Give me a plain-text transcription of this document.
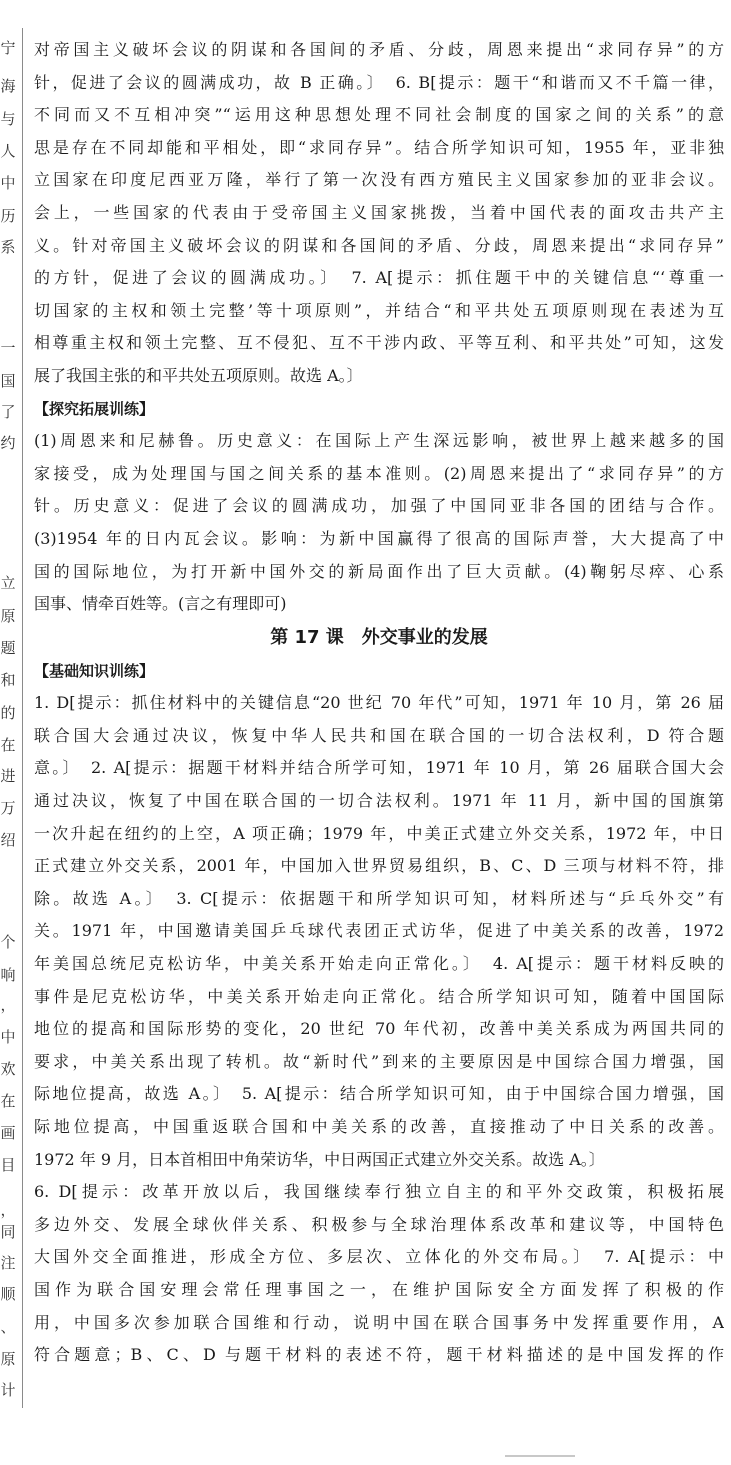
宁
海
与
人
中
历
系
一
国
了
约
立
原
题
和
的
在
进
万
绍
个
响
，
中
欢
在
画
目
，
同
注
顺
、
原
计
对帝国主义破坏会议的阴谋和各国间的矛盾、分歧，周恩来提出“求同存异”的方
针，促进了会议的圆满成功，故 B 正确。〕　6. B[提示：题干“和谐而又不千篇一律，
不同而又不互相冲突”“运用这种思想处理不同社会制度的国家之间的关系”的意
思是存在不同却能和平相处，即“求同存异”。结合所学知识可知，1955 年，亚非独
立国家在印度尼西亚万隆，举行了第一次没有西方殖民主义国家参加的亚非会议。
会上，一些国家的代表由于受帝国主义国家挑拨，当着中国代表的面攻击共产主
义。针对帝国主义破坏会议的阴谋和各国间的矛盾、分歧，周恩来提出“求同存异”
的方针，促进了会议的圆满成功。〕　7. A[提示：抓住题干中的关键信息“‘尊重一
切国家的主权和领土完整’等十项原则”，并结合“和平共处五项原则现在表述为互
相尊重主权和领土完整、互不侵犯、互不干涉内政、平等互利、和平共处”可知，这发
展了我国主张的和平共处五项原则。故选 A。〕
【探究拓展训练】
(1)周恩来和尼赫鲁。历史意义：在国际上产生深远影响，被世界上越来越多的国
家接受，成为处理国与国之间关系的基本准则。(2)周恩来提出了“求同存异”的方
针。历史意义：促进了会议的圆满成功，加强了中国同亚非各国的团结与合作。
(3)1954 年的日内瓦会议。影响：为新中国赢得了很高的国际声誉，大大提高了中
国的国际地位，为打开新中国外交的新局面作出了巨大贡献。(4)鞠躬尽瘁、心系
国事、情牵百姓等。(言之有理即可)
第 17 课　外交事业的发展
【基础知识训练】
1. D[提示：抓住材料中的关键信息“20 世纪 70 年代”可知，1971 年 10 月，第 26 届
联合国大会通过决议，恢复中华人民共和国在联合国的一切合法权利，D 符合题
意。〕　2. A[提示：据题干材料并结合所学可知，1971 年 10 月，第 26 届联合国大会
通过决议，恢复了中国在联合国的一切合法权利。1971 年 11 月，新中国的国旗第
一次升起在纽约的上空，A 项正确；1979 年，中美正式建立外交关系，1972 年，中日
正式建立外交关系，2001 年，中国加入世界贸易组织，B、C、D 三项与材料不符，排
除。故选 A。〕　3. C[提示：依据题干和所学知识可知，材料所述与“乒乓外交”有
关。1971 年，中国邀请美国乒乓球代表团正式访华，促进了中美关系的改善，1972
年美国总统尼克松访华，中美关系开始走向正常化。〕　4. A[提示：题干材料反映的
事件是尼克松访华，中美关系开始走向正常化。结合所学知识可知，随着中国国际
地位的提高和国际形势的变化，20 世纪 70 年代初，改善中美关系成为两国共同的
要求，中美关系出现了转机。故“新时代”到来的主要原因是中国综合国力增强，国
际地位提高，故选 A。〕　5. A[提示：结合所学知识可知，由于中国综合国力增强，国
际地位提高，中国重返联合国和中美关系的改善，直接推动了中日关系的改善。
1972 年 9 月，日本首相田中角荣访华，中日两国正式建立外交关系。故选 A。〕
6. D[提示：改革开放以后，我国继续奉行独立自主的和平外交政策，积极拓展
多边外交、发展全球伙伴关系、积极参与全球治理体系改革和建议等，中国特色
大国外交全面推进，形成全方位、多层次、立体化的外交布局。〕　7. A[提示：中
国作为联合国安理会常任理事国之一，在维护国际安全方面发挥了积极的作
用，中国多次参加联合国维和行动，说明中国在联合国事务中发挥重要作用，A
符合题意；B、C、D 与题干材料的表述不符，题干材料描述的是中国发挥的作
